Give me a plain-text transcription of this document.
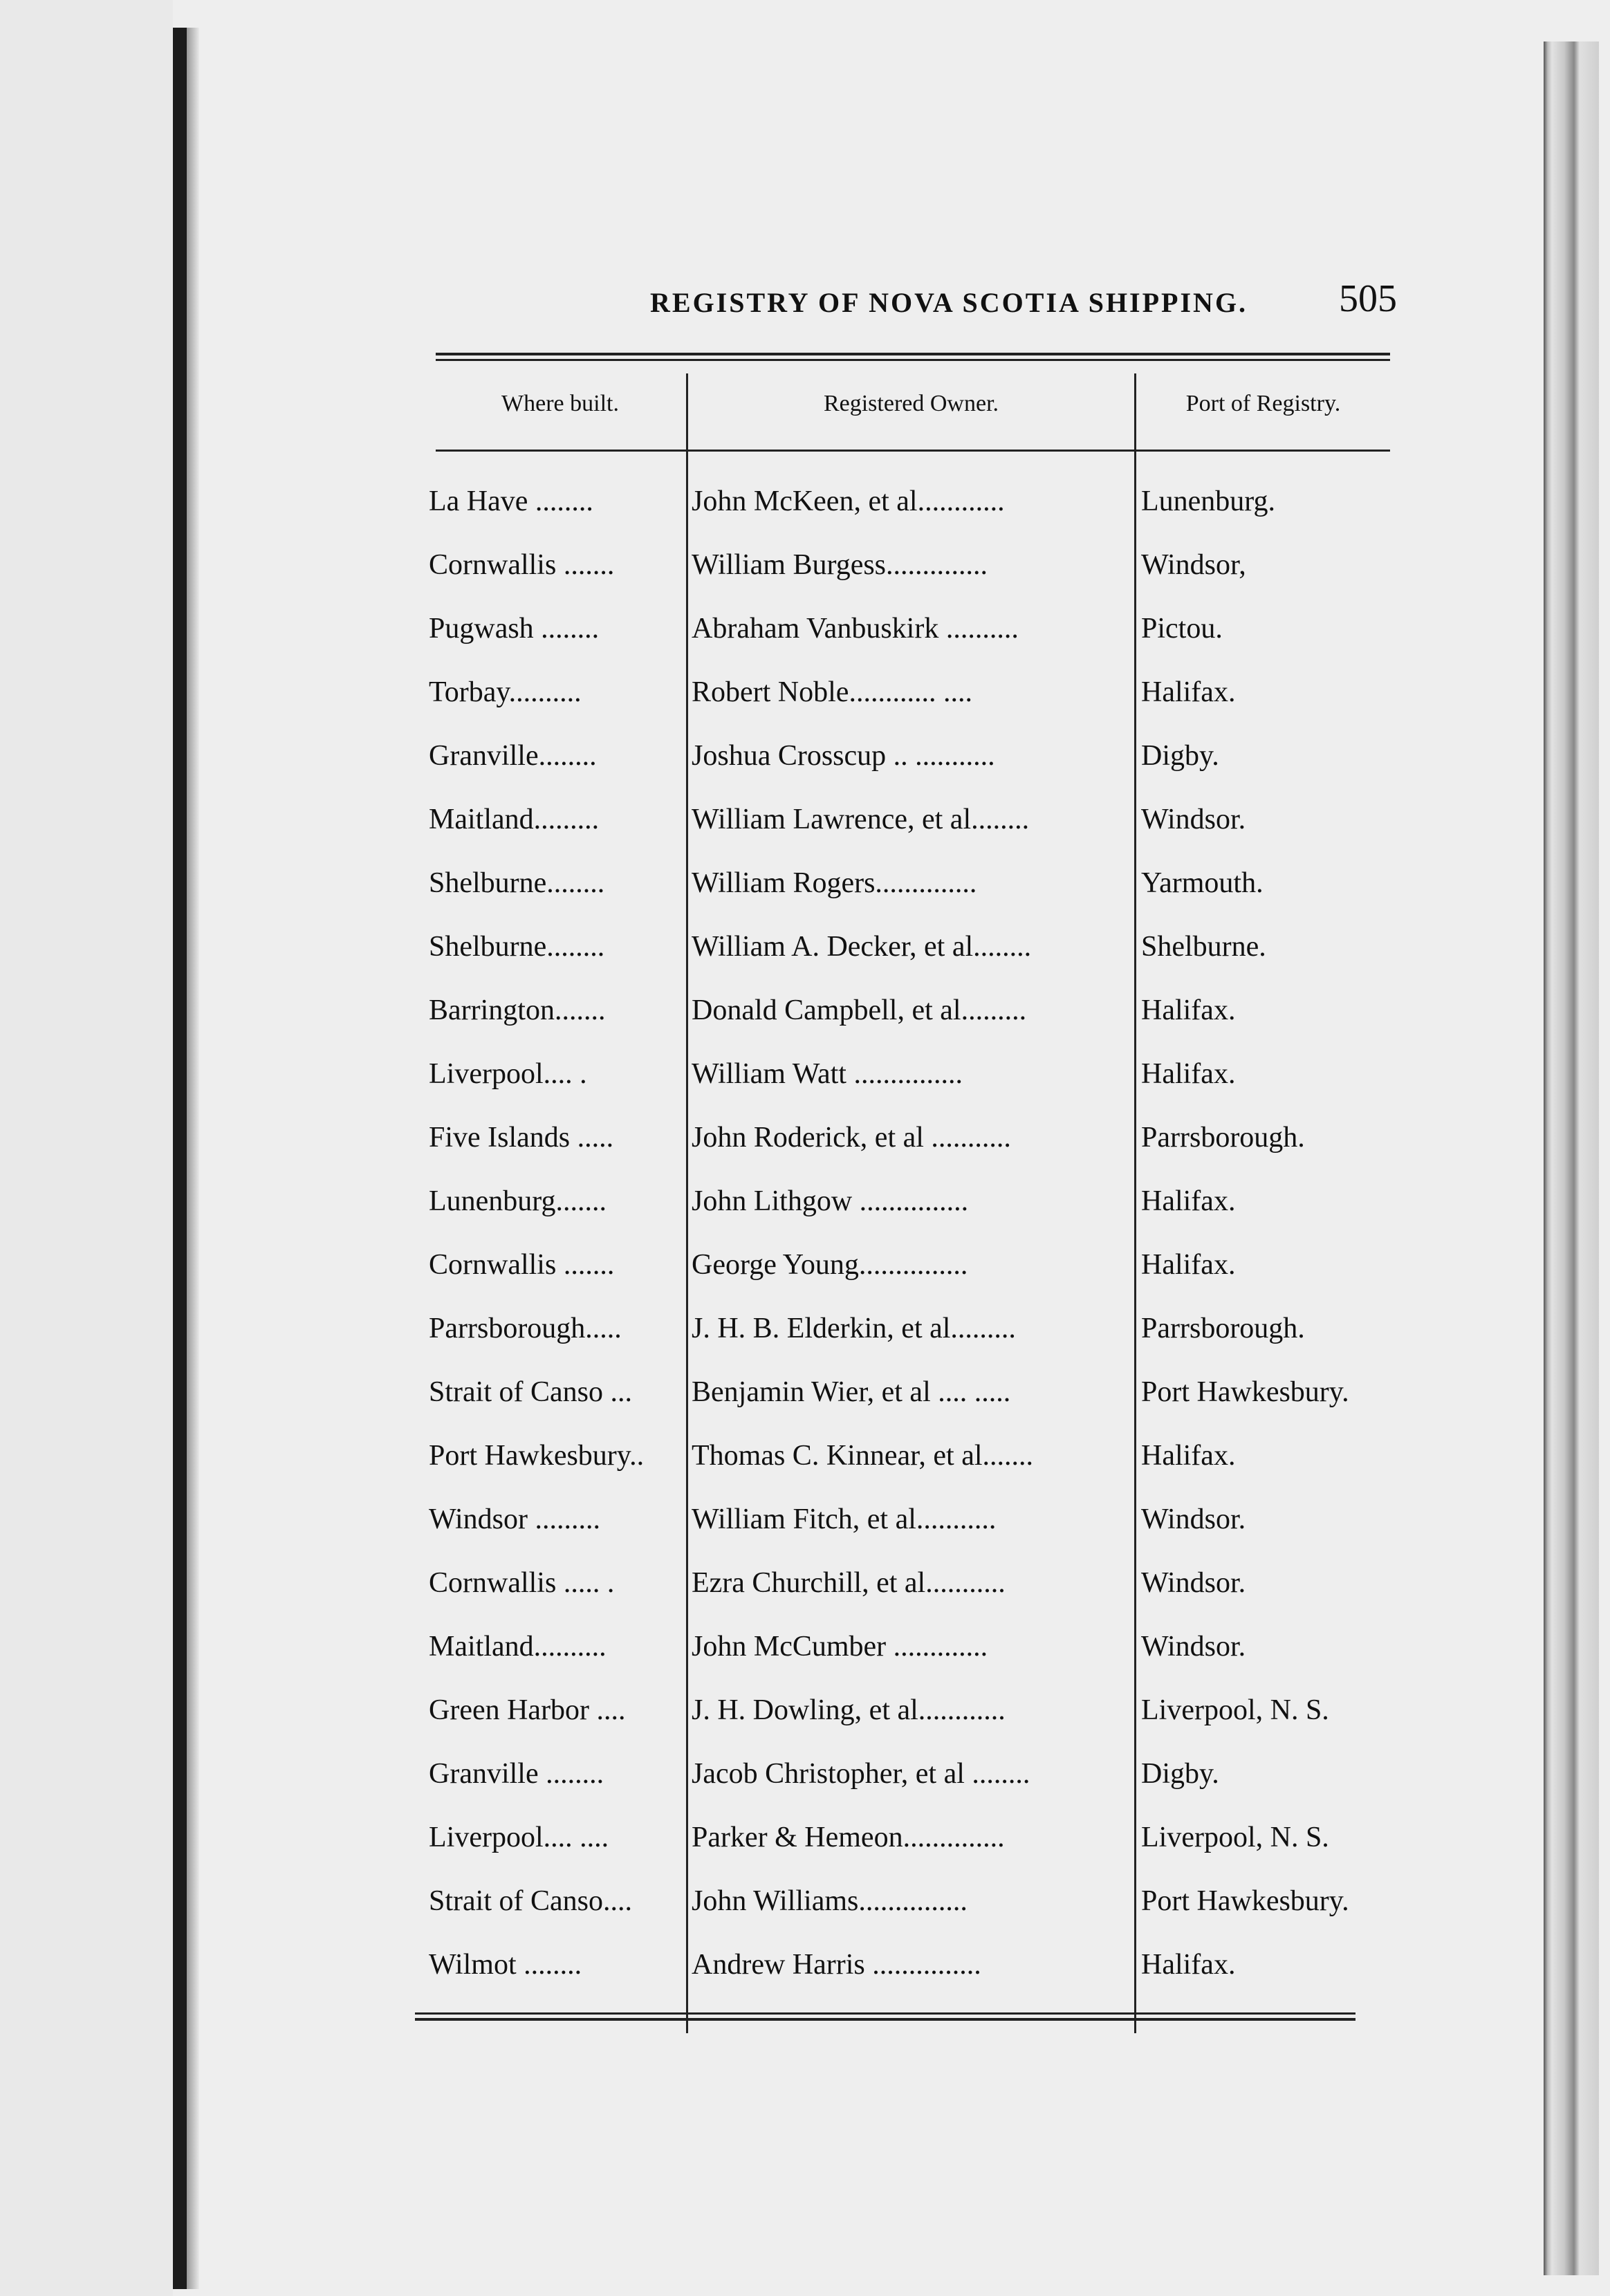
REGISTRY OF NOVA SCOTIA SHIPPING. 505
Where built.	Registered Owner.	Port of Registry.
La Have ........	John McKeen, et al............	Lunenburg.
Cornwallis .......	William Burgess..............	Windsor,
Pugwash ........	Abraham Vanbuskirk ..........	Pictou.
Torbay..........	Robert Noble............ ....	Halifax.
Granville........	Joshua Crosscup .. ...........	Digby.
Maitland.........	William Lawrence, et al........	Windsor.
Shelburne........	William Rogers..............	Yarmouth.
Shelburne........	William A. Decker, et al........	Shelburne.
Barrington.......	Donald Campbell, et al.........	Halifax.
Liverpool.... .	William Watt ...............	Halifax.
Five Islands .....	John Roderick, et al ...........	Parrsborough.
Lunenburg.......	John Lithgow ...............	Halifax.
Cornwallis .......	George Young...............	Halifax.
Parrsborough.....	J. H. B. Elderkin, et al.........	Parrsborough.
Strait of Canso ...	Benjamin Wier, et al .... .....	Port Hawkesbury.
Port Hawkesbury..	Thomas C. Kinnear, et al.......	Halifax.
Windsor .........	William Fitch, et al...........	Windsor.
Cornwallis ..... .	Ezra Churchill, et al...........	Windsor.
Maitland..........	John McCumber .............	Windsor.
Green Harbor ....	J. H. Dowling, et al............	Liverpool, N. S.
Granville ........	Jacob Christopher, et al ........	Digby.
Liverpool.... ....	Parker & Hemeon..............	Liverpool, N. S.
Strait of Canso....	John Williams...............	Port Hawkesbury.
Wilmot ........	Andrew Harris ...............	Halifax.
